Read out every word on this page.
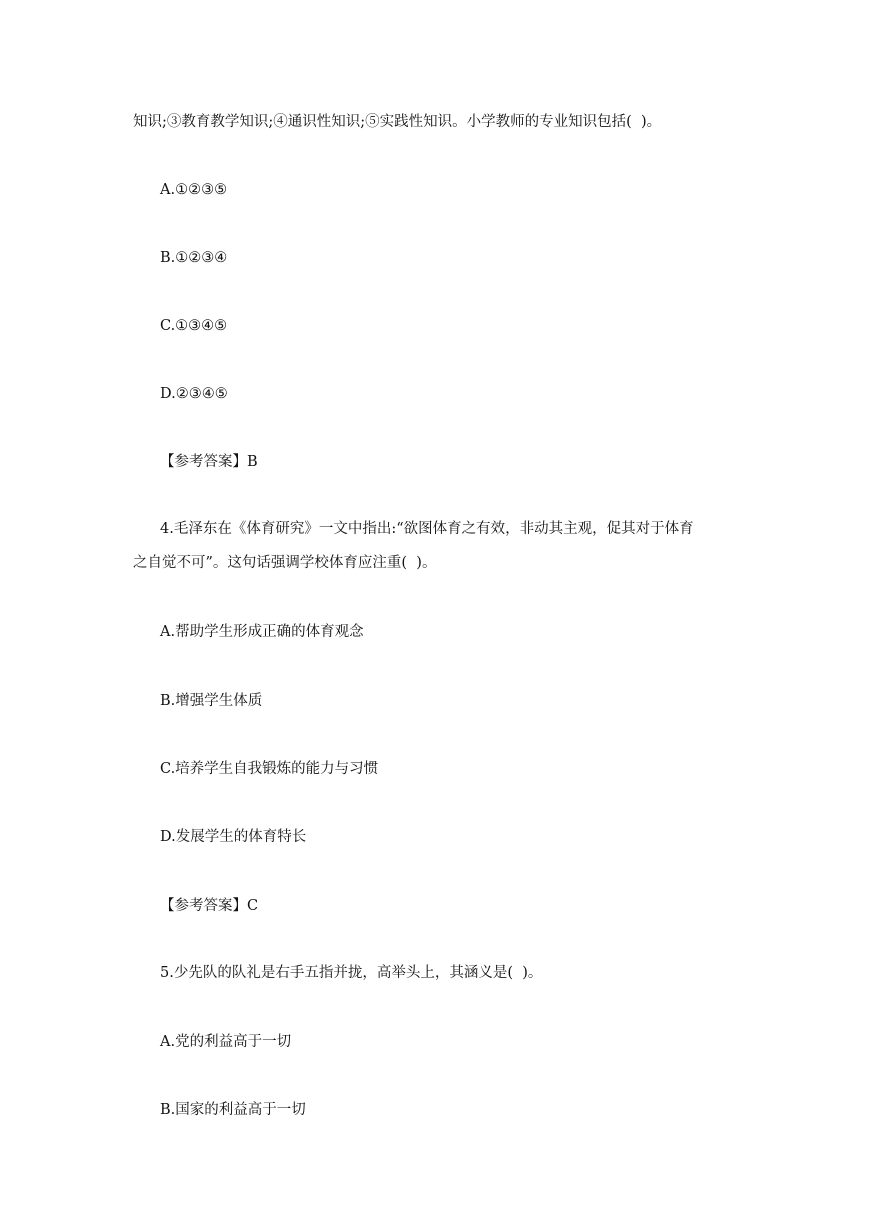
知识;③教育教学知识;④通识性知识;⑤实践性知识。小学教师的专业知识包括(  )。
A.①②③⑤
B.①②③④
C.①③④⑤
D.②③④⑤
【参考答案】B
4.毛泽东在《体育研究》一文中指出:“欲图体育之有效，非动其主观，促其对于体育
之自觉不可”。这句话强调学校体育应注重(  )。
A.帮助学生形成正确的体育观念
B.增强学生体质
C.培养学生自我锻炼的能力与习惯
D.发展学生的体育特长
【参考答案】C
5.少先队的队礼是右手五指并拢，高举头上，其涵义是(  )。
A.党的利益高于一切
B.国家的利益高于一切
